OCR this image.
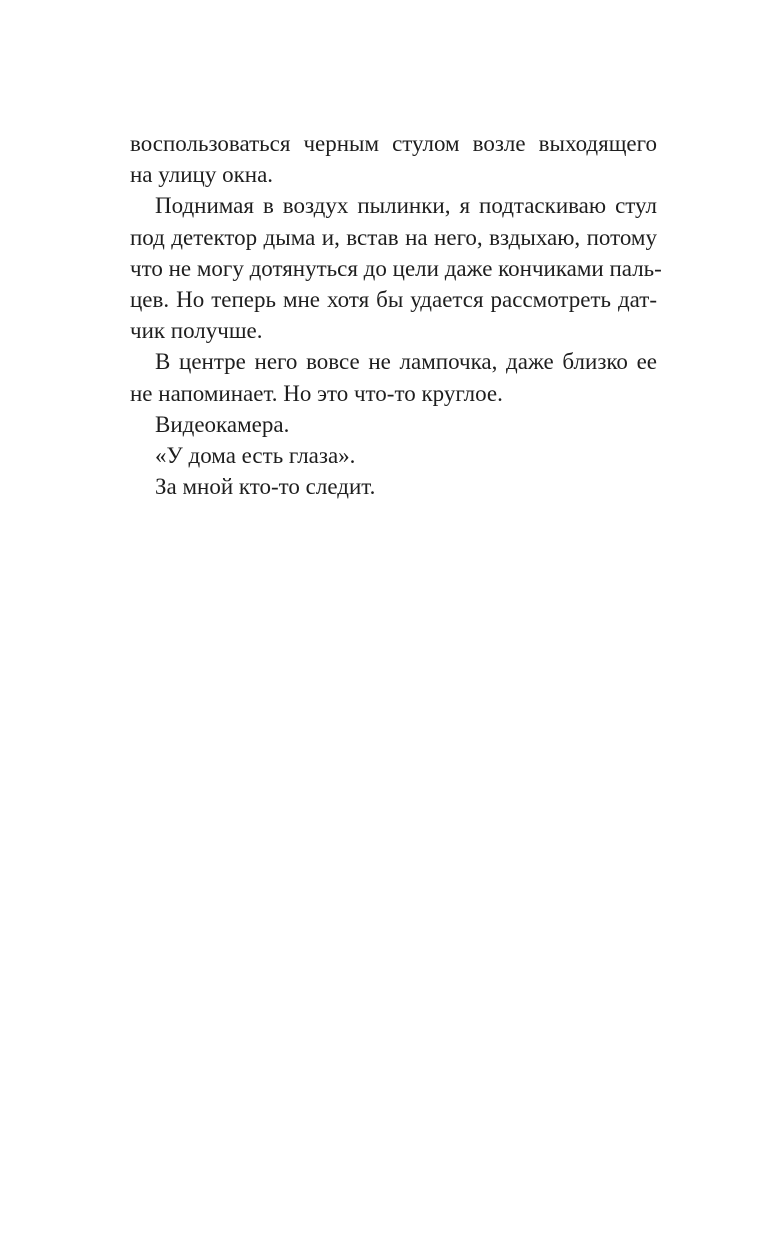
воспользоваться черным стулом возле выходящего
на улицу окна.
Поднимая в воздух пылинки, я подтаскиваю стул
под детектор дыма и, встав на него, вздыхаю, потому
что не могу дотянуться до цели даже кончиками паль-
цев. Но теперь мне хотя бы удается рассмотреть дат-
чик получше.
В центре него вовсе не лампочка, даже близко ее
не напоминает. Но это что-то круглое.
Видеокамера.
«У дома есть глаза».
За мной кто-то следит.
